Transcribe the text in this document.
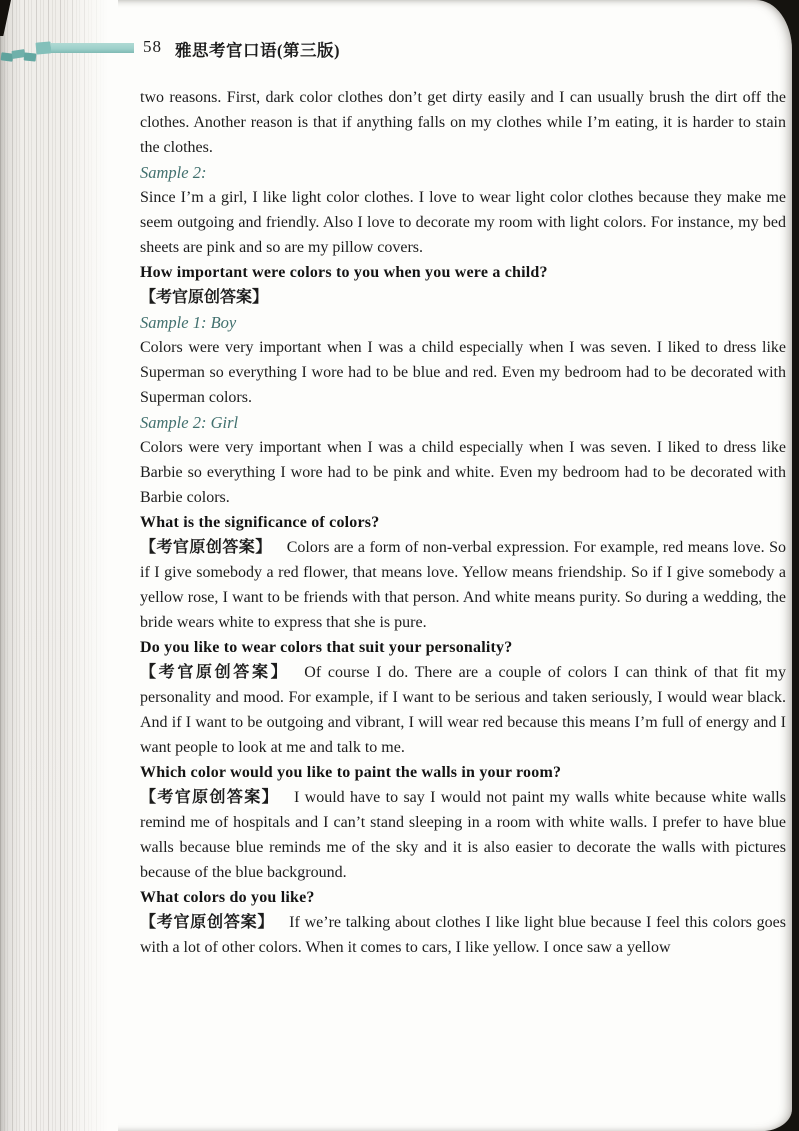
58 雅思考官口语(第三版)

two reasons. First, dark color clothes don’t get dirty easily and I can usually brush the dirt off the clothes. Another reason is that if anything falls on my clothes while I’m eating, it is harder to stain the clothes.

Sample 2:

Since I’m a girl, I like light color clothes. I love to wear light color clothes because they make me seem outgoing and friendly. Also I love to decorate my room with light colors. For instance, my bed sheets are pink and so are my pillow covers.

How important were colors to you when you were a child?

【考官原创答案】

Sample 1: Boy

Colors were very important when I was a child especially when I was seven. I liked to dress like Superman so everything I wore had to be blue and red. Even my bedroom had to be decorated with Superman colors.

Sample 2: Girl

Colors were very important when I was a child especially when I was seven. I liked to dress like Barbie so everything I wore had to be pink and white. Even my bedroom had to be decorated with Barbie colors.

What is the significance of colors?

【考官原创答案】 Colors are a form of non-verbal expression. For example, red means love. So if I give somebody a red flower, that means love. Yellow means friendship. So if I give somebody a yellow rose, I want to be friends with that person. And white means purity. So during a wedding, the bride wears white to express that she is pure.

Do you like to wear colors that suit your personality?

【考官原创答案】 Of course I do. There are a couple of colors I can think of that fit my personality and mood. For example, if I want to be serious and taken seriously, I would wear black. And if I want to be outgoing and vibrant, I will wear red because this means I’m full of energy and I want people to look at me and talk to me.

Which color would you like to paint the walls in your room?

【考官原创答案】 I would have to say I would not paint my walls white because white walls remind me of hospitals and I can’t stand sleeping in a room with white walls. I prefer to have blue walls because blue reminds me of the sky and it is also easier to decorate the walls with pictures because of the blue background.

What colors do you like?

【考官原创答案】 If we’re talking about clothes I like light blue because I feel this colors goes with a lot of other colors. When it comes to cars, I like yellow. I once saw a yellow
